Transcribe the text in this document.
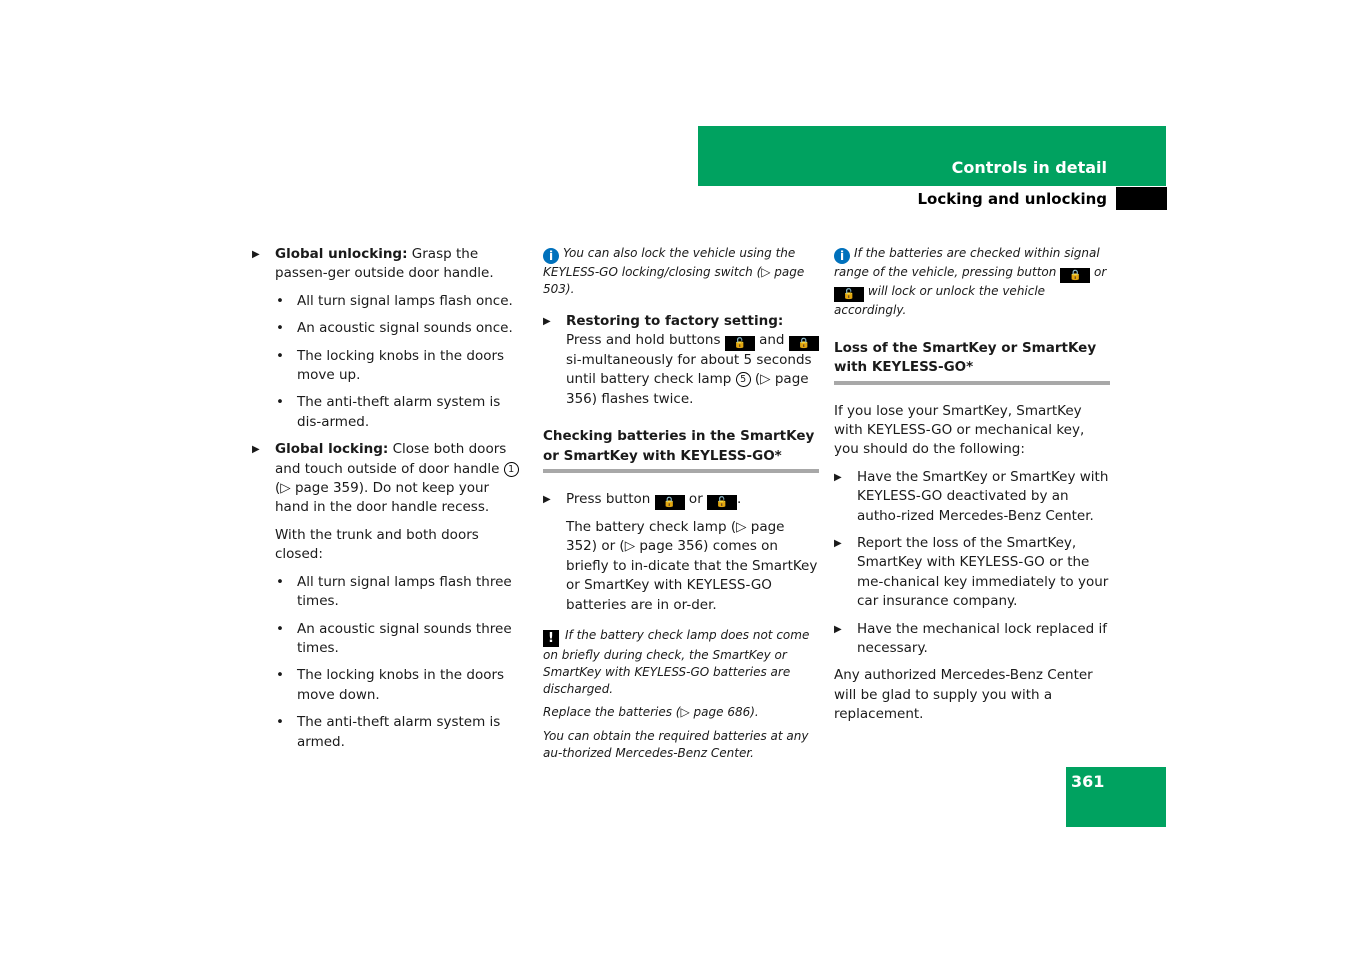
Controls in detail
Locking and unlocking
361
▶ Global unlocking: Grasp the passen-ger outside door handle.
• All turn signal lamps flash once.
• An acoustic signal sounds once.
• The locking knobs in the doors move up.
• The anti-theft alarm system is dis-armed.
▶ Global locking: Close both doors and touch outside of door handle 1 (▷ page 359). Do not keep your hand in the door handle recess.

With the trunk and both doors closed:

• All turn signal lamps flash three times.
• An acoustic signal sounds three times.
• The locking knobs in the doors move down.
• The anti-theft alarm system is armed.

i You can also lock the vehicle using the KEYLESS-GO locking/closing switch (▷ page 503).

▶ Restoring to factory setting: Press and hold buttons 🔓 and 🔒 si-multaneously for about 5 seconds until battery check lamp 5 (▷ page 356) flashes twice.
Checking batteries in the SmartKey or SmartKey with KEYLESS-GO*
▶ Press button 🔒 or 🔓 .

The battery check lamp (▷ page 352) or (▷ page 356) comes on briefly to in-dicate that the SmartKey or SmartKey with KEYLESS-GO batteries are in or-der.

! If the battery check lamp does not come on briefly during check, the SmartKey or SmartKey with KEYLESS-GO batteries are discharged.

Replace the batteries (▷ page 686).

You can obtain the required batteries at any au-thorized Mercedes-Benz Center.

i If the batteries are checked within signal range of the vehicle, pressing button 🔒 or 🔓 will lock or unlock the vehicle accordingly.

Loss of the SmartKey or SmartKey with KEYLESS-GO*

If you lose your SmartKey, SmartKey with KEYLESS-GO or mechanical key, you should do the following:

▶ Have the SmartKey or SmartKey with KEYLESS-GO deactivated by an autho-rized Mercedes-Benz Center.
▶ Report the loss of the SmartKey, SmartKey with KEYLESS-GO or the me-chanical key immediately to your car insurance company.
▶ Have the mechanical lock replaced if necessary.

Any authorized Mercedes-Benz Center will be glad to supply you with a replacement.
